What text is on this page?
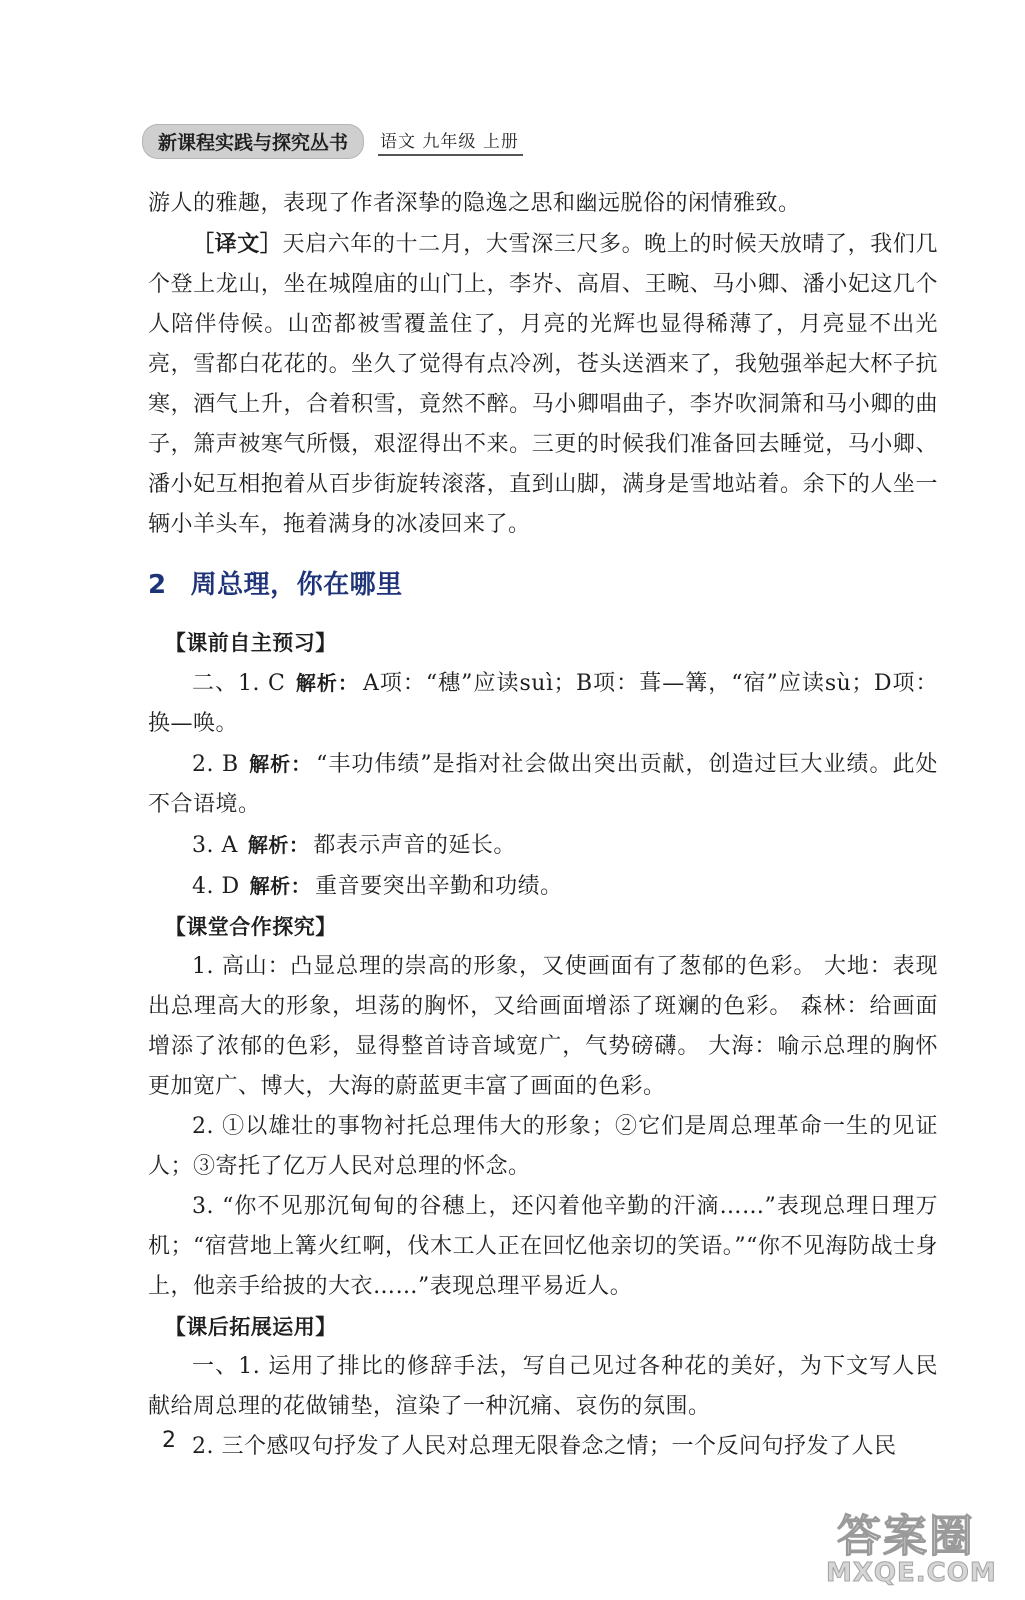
新课程实践与探究丛书	语文 九年级 上册

游人的雅趣，表现了作者深挚的隐逸之思和幽远脱俗的闲情雅致。

［译文］天启六年的十二月，大雪深三尺多。晚上的时候天放晴了，我们几个登上龙山，坐在城隍庙的山门上，李岕、高眉、王畹、马小卿、潘小妃这几个人陪伴侍候。山峦都被雪覆盖住了，月亮的光辉也显得稀薄了，月亮显不出光亮，雪都白花花的。坐久了觉得有点冷冽，苍头送酒来了，我勉强举起大杯子抗寒，酒气上升，合着积雪，竟然不醉。马小卿唱曲子，李岕吹洞箫和马小卿的曲子，箫声被寒气所慑，艰涩得出不来。三更的时候我们准备回去睡觉，马小卿、潘小妃互相抱着从百步街旋转滚落，直到山脚，满身是雪地站着。余下的人坐一辆小羊头车，拖着满身的冰凌回来了。

2 周总理，你在哪里

【课前自主预习】

二、1. C 解析： A项：“穗”应读suì；B项：葺—篝，“宿”应读sù；D项：换—唤。

2. B 解析： “丰功伟绩”是指对社会做出突出贡献，创造过巨大业绩。此处不合语境。

3. A 解析： 都表示声音的延长。

4. D 解析： 重音要突出辛勤和功绩。

【课堂合作探究】

1. 高山：凸显总理的崇高的形象，又使画面有了葱郁的色彩。 大地：表现出总理高大的形象，坦荡的胸怀，又给画面增添了斑斓的色彩。 森林：给画面增添了浓郁的色彩，显得整首诗音域宽广，气势磅礴。 大海：喻示总理的胸怀更加宽广、博大，大海的蔚蓝更丰富了画面的色彩。

2. ①以雄壮的事物衬托总理伟大的形象；②它们是周总理革命一生的见证人；③寄托了亿万人民对总理的怀念。

3. “你不见那沉甸甸的谷穗上，还闪着他辛勤的汗滴……”表现总理日理万机；“宿营地上篝火红啊，伐木工人正在回忆他亲切的笑语。”“你不见海防战士身上，他亲手给披的大衣……”表现总理平易近人。

【课后拓展运用】

一、1. 运用了排比的修辞手法，写自己见过各种花的美好，为下文写人民献给周总理的花做铺垫，渲染了一种沉痛、哀伤的氛围。

2. 三个感叹句抒发了人民对总理无限眷念之情；一个反问句抒发了人民

2
答案圈
MXQE.COM
